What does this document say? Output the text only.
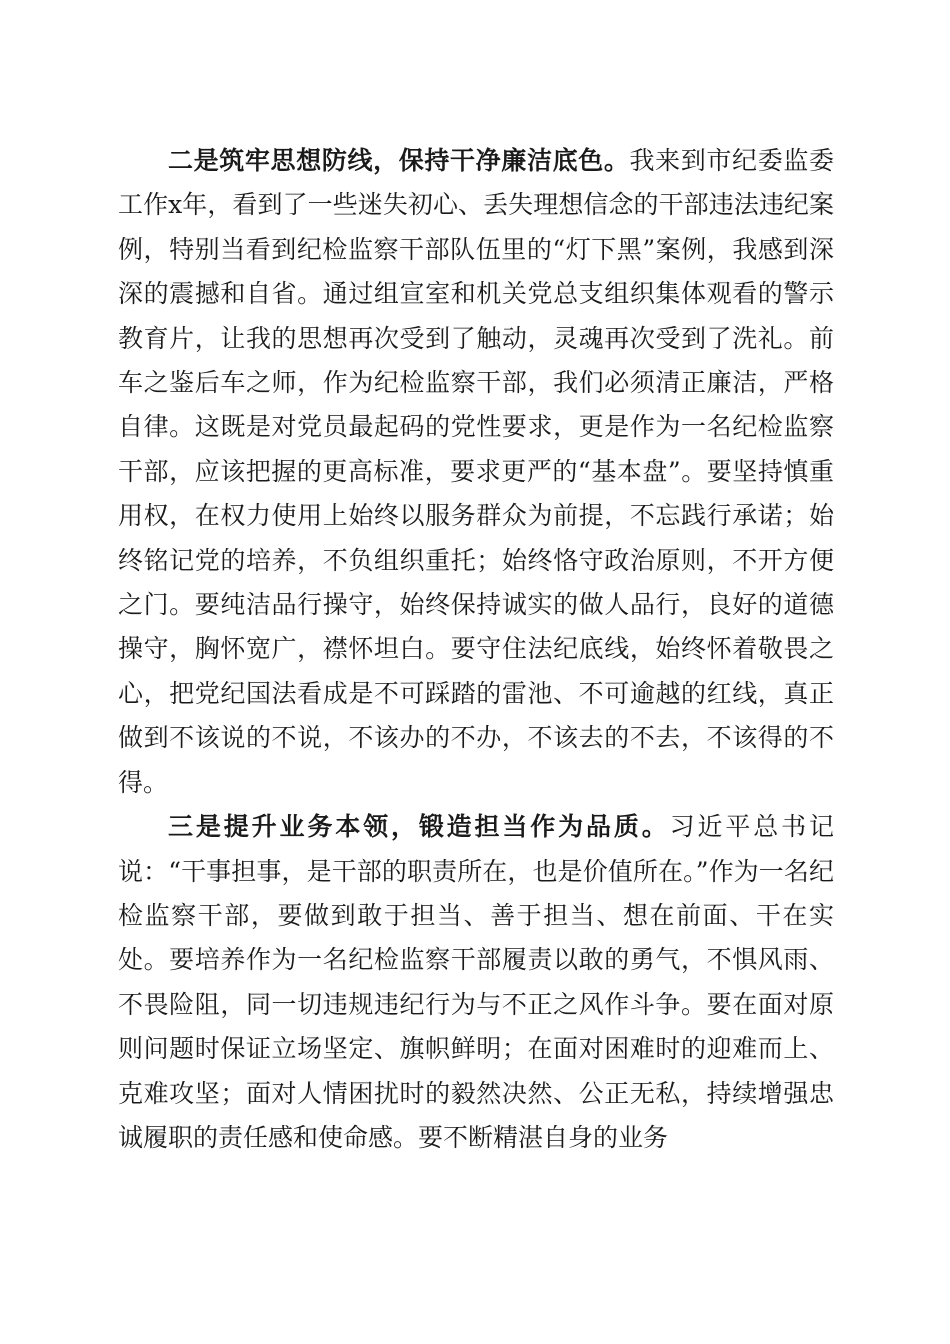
二是筑牢思想防线，保持干净廉洁底色。我来到市纪委监委工作x年，看到了一些迷失初心、丢失理想信念的干部违法违纪案例，特别当看到纪检监察干部队伍里的“灯下黑”案例，我感到深深的震撼和自省。通过组宣室和机关党总支组织集体观看的警示教育片，让我的思想再次受到了触动，灵魂再次受到了洗礼。前车之鉴后车之师，作为纪检监察干部，我们必须清正廉洁，严格自律。这既是对党员最起码的党性要求，更是作为一名纪检监察干部，应该把握的更高标准，要求更严的“基本盘”。要坚持慎重用权，在权力使用上始终以服务群众为前提，不忘践行承诺；始终铭记党的培养，不负组织重托；始终恪守政治原则，不开方便之门。要纯洁品行操守，始终保持诚实的做人品行，良好的道德操守，胸怀宽广，襟怀坦白。要守住法纪底线，始终怀着敬畏之心，把党纪国法看成是不可踩踏的雷池、不可逾越的红线，真正做到不该说的不说，不该办的不办，不该去的不去，不该得的不得。

三是提升业务本领，锻造担当作为品质。习近平总书记说：“干事担事，是干部的职责所在，也是价值所在。”作为一名纪检监察干部，要做到敢于担当、善于担当、想在前面、干在实处。要培养作为一名纪检监察干部履责以敢的勇气，不惧风雨、不畏险阻，同一切违规违纪行为与不正之风作斗争。要在面对原则问题时保证立场坚定、旗帜鲜明；在面对困难时的迎难而上、克难攻坚；面对人情困扰时的毅然决然、公正无私，持续增强忠诚履职的责任感和使命感。要不断精湛自身的业务
